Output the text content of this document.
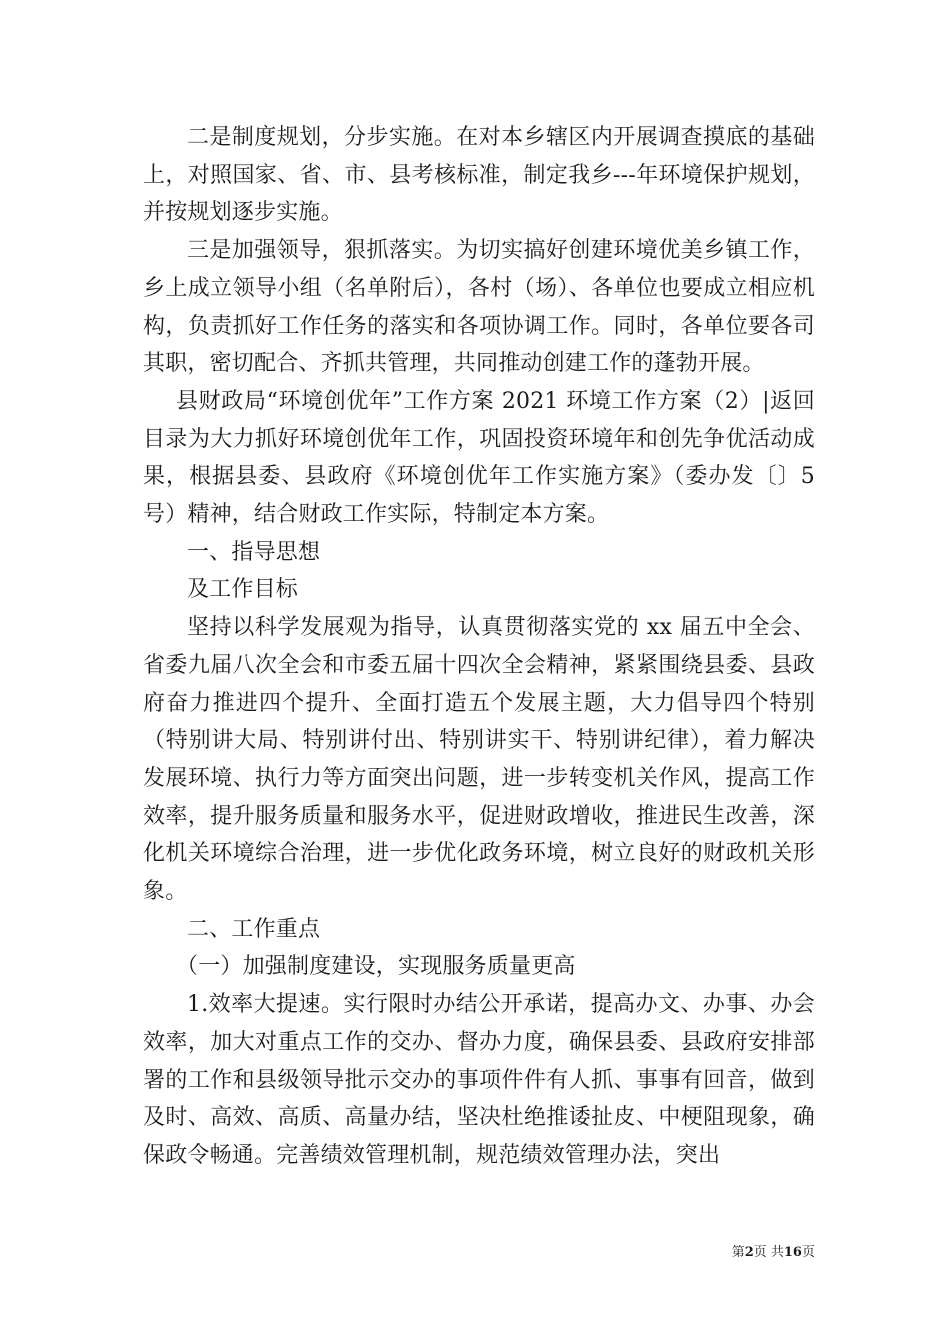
二是制度规划，分步实施。在对本乡辖区内开展调查摸底的基础上，对照国家、省、市、县考核标准，制定我乡---年环境保护规划，并按规划逐步实施。

三是加强领导，狠抓落实。为切实搞好创建环境优美乡镇工作，乡上成立领导小组（名单附后），各村（场）、各单位也要成立相应机构，负责抓好工作任务的落实和各项协调工作。同时，各单位要各司其职，密切配合、齐抓共管理，共同推动创建工作的蓬勃开展。

县财政局“环境创优年”工作方案 2021 环境工作方案（2）|返回目录为大力抓好环境创优年工作，巩固投资环境年和创先争优活动成果，根据县委、县政府《环境创优年工作实施方案》（委办发〔〕5号）精神，结合财政工作实际，特制定本方案。

一、指导思想

及工作目标

坚持以科学发展观为指导，认真贯彻落实党的 xx 届五中全会、省委九届八次全会和市委五届十四次全会精神，紧紧围绕县委、县政府奋力推进四个提升、全面打造五个发展主题，大力倡导四个特别（特别讲大局、特别讲付出、特别讲实干、特别讲纪律），着力解决发展环境、执行力等方面突出问题，进一步转变机关作风，提高工作效率，提升服务质量和服务水平，促进财政增收，推进民生改善，深化机关环境综合治理，进一步优化政务环境，树立良好的财政机关形象。

二、工作重点

（一）加强制度建设，实现服务质量更高

1.效率大提速。实行限时办结公开承诺，提高办文、办事、办会效率，加大对重点工作的交办、督办力度，确保县委、县政府安排部署的工作和县级领导批示交办的事项件件有人抓、事事有回音，做到及时、高效、高质、高量办结，坚决杜绝推诿扯皮、中梗阻现象，确保政令畅通。完善绩效管理机制，规范绩效管理办法，突出

第2页 共16页
